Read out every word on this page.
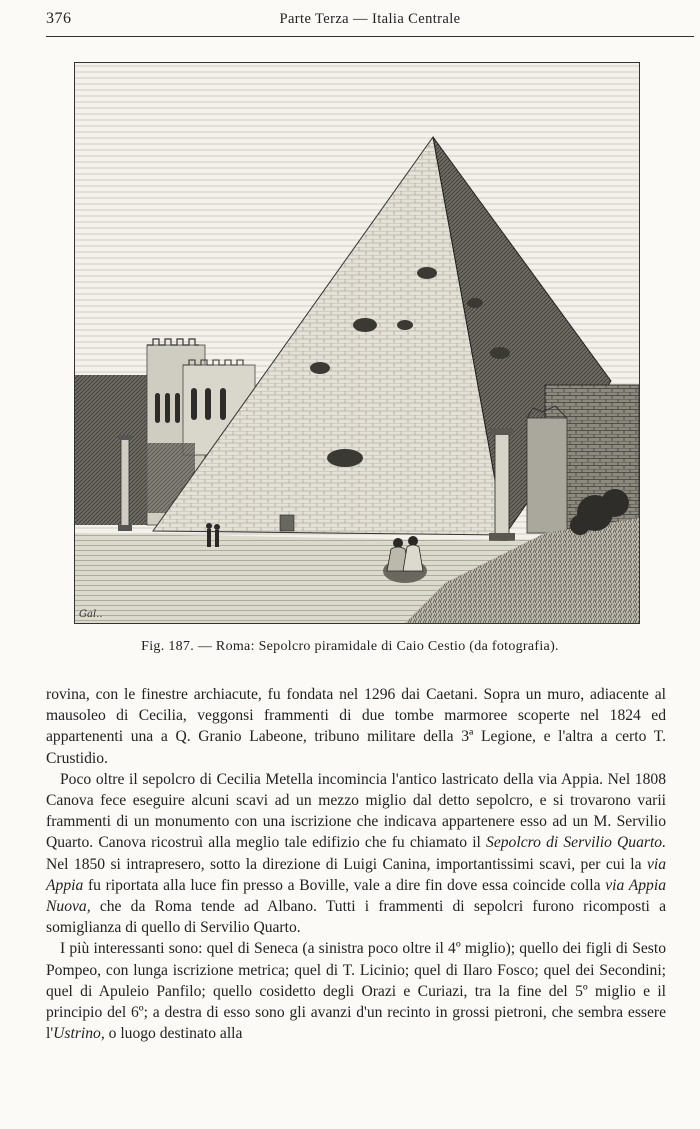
376	Parte Terza — Italia Centrale
Gal..
Fig. 187. — Roma: Sepolcro piramidale di Caio Cestio (da fotografia).

rovina, con le finestre archiacute, fu fondata nel 1296 dai Caetani. Sopra un muro, adiacente al mausoleo di Cecilia, veggonsi frammenti di due tombe marmoree scoperte nel 1824 ed appartenenti una a Q. Granio Labeone, tribuno militare della 3ª Legione, e l'altra a certo T. Crustidio.

Poco oltre il sepolcro di Cecilia Metella incomincia l'antico lastricato della via Appia. Nel 1808 Canova fece eseguire alcuni scavi ad un mezzo miglio dal detto sepolcro, e si trovarono varii frammenti di un monumento con una iscrizione che indicava appartenere esso ad un M. Servilio Quarto. Canova ricostruì alla meglio tale edifizio che fu chiamato il Sepolcro di Servilio Quarto. Nel 1850 si intrapresero, sotto la direzione di Luigi Canina, importantissimi scavi, per cui la via Appia fu riportata alla luce fin presso a Boville, vale a dire fin dove essa coincide colla via Appia Nuova, che da Roma tende ad Albano. Tutti i frammenti di sepolcri furono ricomposti a somiglianza di quello di Servilio Quarto.

I più interessanti sono: quel di Seneca (a sinistra poco oltre il 4º miglio); quello dei figli di Sesto Pompeo, con lunga iscrizione metrica; quel di T. Licinio; quel di Ilaro Fosco; quel dei Secondini; quel di Apuleio Panfilo; quello cosidetto degli Orazi e Curiazi, tra la fine del 5º miglio e il principio del 6º; a destra di esso sono gli avanzi d'un recinto in grossi pietroni, che sembra essere l'Ustrino, o luogo destinato alla
